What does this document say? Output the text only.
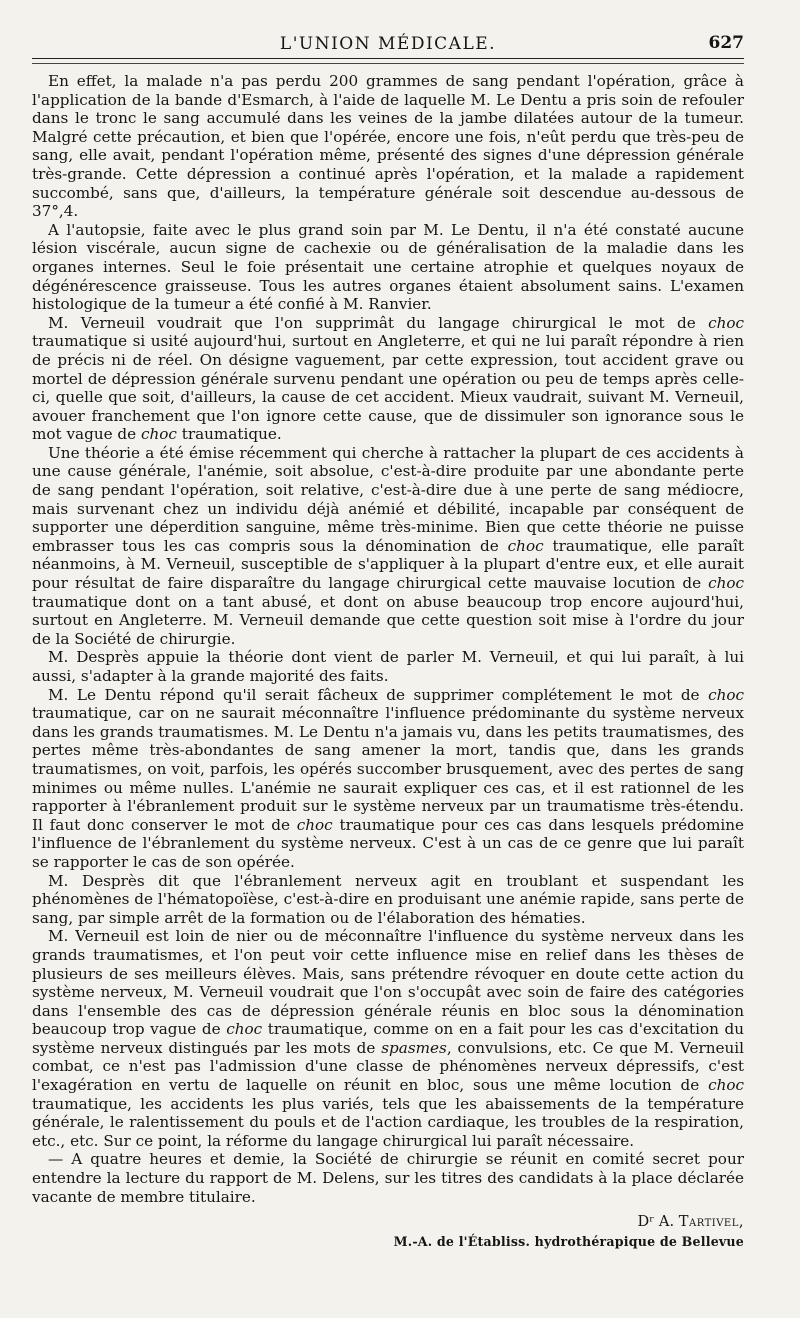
L'UNION MÉDICALE.	627

En effet, la malade n'a pas perdu 200 grammes de sang pendant l'opération, grâce à l'application de la bande d'Esmarch, à l'aide de laquelle M. Le Dentu a pris soin de refouler dans le tronc le sang accumulé dans les veines de la jambe dilatées autour de la tumeur. Malgré cette précaution, et bien que l'opérée, encore une fois, n'eût perdu que très-peu de sang, elle avait, pendant l'opération même, présenté des signes d'une dépression générale très-grande. Cette dépression a continué après l'opération, et la malade a rapidement succombé, sans que, d'ailleurs, la température générale soit descendue au-dessous de 37°,4.

A l'autopsie, faite avec le plus grand soin par M. Le Dentu, il n'a été constaté aucune lésion viscérale, aucun signe de cachexie ou de généralisation de la maladie dans les organes internes. Seul le foie présentait une certaine atrophie et quelques noyaux de dégénérescence graisseuse. Tous les autres organes étaient absolument sains. L'examen histologique de la tumeur a été confié à M. Ranvier.

M. Verneuil voudrait que l'on supprimât du langage chirurgical le mot de choc traumatique si usité aujourd'hui, surtout en Angleterre, et qui ne lui paraît répondre à rien de précis ni de réel. On désigne vaguement, par cette expression, tout accident grave ou mortel de dépression générale survenu pendant une opération ou peu de temps après celle-ci, quelle que soit, d'ailleurs, la cause de cet accident. Mieux vaudrait, suivant M. Verneuil, avouer franchement que l'on ignore cette cause, que de dissimuler son ignorance sous le mot vague de choc traumatique.

Une théorie a été émise récemment qui cherche à rattacher la plupart de ces accidents à une cause générale, l'anémie, soit absolue, c'est-à-dire produite par une abondante perte de sang pendant l'opération, soit relative, c'est-à-dire due à une perte de sang médiocre, mais survenant chez un individu déjà anémié et débilité, incapable par conséquent de supporter une déperdition sanguine, même très-minime. Bien que cette théorie ne puisse embrasser tous les cas compris sous la dénomination de choc traumatique, elle paraît néanmoins, à M. Verneuil, susceptible de s'appliquer à la plupart d'entre eux, et elle aurait pour résultat de faire disparaître du langage chirurgical cette mauvaise locution de choc traumatique dont on a tant abusé, et dont on abuse beaucoup trop encore aujourd'hui, surtout en Angleterre. M. Verneuil demande que cette question soit mise à l'ordre du jour de la Société de chirurgie.

M. Desprès appuie la théorie dont vient de parler M. Verneuil, et qui lui paraît, à lui aussi, s'adapter à la grande majorité des faits.

M. Le Dentu répond qu'il serait fâcheux de supprimer complétement le mot de choc traumatique, car on ne saurait méconnaître l'influence prédominante du système nerveux dans les grands traumatismes. M. Le Dentu n'a jamais vu, dans les petits traumatismes, des pertes même très-abondantes de sang amener la mort, tandis que, dans les grands traumatismes, on voit, parfois, les opérés succomber brusquement, avec des pertes de sang minimes ou même nulles. L'anémie ne saurait expliquer ces cas, et il est rationnel de les rapporter à l'ébranlement produit sur le système nerveux par un traumatisme très-étendu. Il faut donc conserver le mot de choc traumatique pour ces cas dans lesquels prédomine l'influence de l'ébranlement du système nerveux. C'est à un cas de ce genre que lui paraît se rapporter le cas de son opérée.

M. Desprès dit que l'ébranlement nerveux agit en troublant et suspendant les phénomènes de l'hématopoïèse, c'est-à-dire en produisant une anémie rapide, sans perte de sang, par simple arrêt de la formation ou de l'élaboration des hématies.

M. Verneuil est loin de nier ou de méconnaître l'influence du système nerveux dans les grands traumatismes, et l'on peut voir cette influence mise en relief dans les thèses de plusieurs de ses meilleurs élèves. Mais, sans prétendre révoquer en doute cette action du système nerveux, M. Verneuil voudrait que l'on s'occupât avec soin de faire des catégories dans l'ensemble des cas de dépression générale réunis en bloc sous la dénomination beaucoup trop vague de choc traumatique, comme on en a fait pour les cas d'excitation du système nerveux distingués par les mots de spasmes, convulsions, etc. Ce que M. Verneuil combat, ce n'est pas l'admission d'une classe de phénomènes nerveux dépressifs, c'est l'exagération en vertu de laquelle on réunit en bloc, sous une même locution de choc traumatique, les accidents les plus variés, tels que les abaissements de la température générale, le ralentissement du pouls et de l'action cardiaque, les troubles de la respiration, etc., etc. Sur ce point, la réforme du langage chirurgical lui paraît nécessaire.

— A quatre heures et demie, la Société de chirurgie se réunit en comité secret pour entendre la lecture du rapport de M. Delens, sur les titres des candidats à la place déclarée vacante de membre titulaire.

Dʳ A. Tartivel,
M.-A. de l'Établiss. hydrothérapique de Bellevue
